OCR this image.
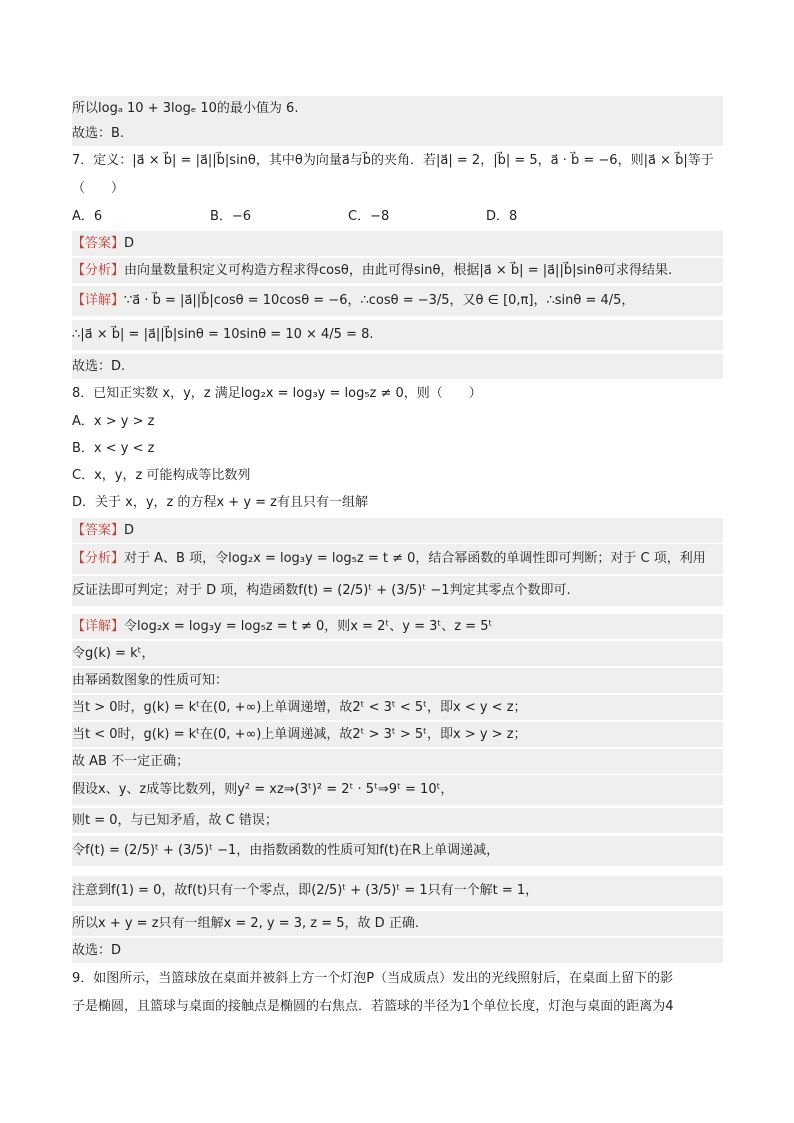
所以logₐ 10 + 3logₑ 10的最小值为 6.
故选：B.
7．定义：|a⃗ × b⃗| = |a⃗||b⃗|sinθ，其中θ为向量a⃗与b⃗的夹角．若|a⃗| = 2，|b⃗| = 5，a⃗ · b⃗ = −6，则|a⃗ × b⃗|等于
（　　）
A．6	B．−6	C．−8	D．8
【答案】D
【分析】由向量数量积定义可构造方程求得cosθ，由此可得sinθ，根据|a⃗ × b⃗| = |a⃗||b⃗|sinθ可求得结果.
【详解】∵a⃗ · b⃗ = |a⃗||b⃗|cosθ = 10cosθ = −6，∴cosθ = −3/5，又θ ∈ [0,π]，∴sinθ = 4/5，
∴|a⃗ × b⃗| = |a⃗||b⃗|sinθ = 10sinθ = 10 × 4/5 = 8.
故选：D.
8．已知正实数 x，y，z 满足log₂x = log₃y = log₅z ≠ 0，则（　　）
A．x > y > z
B．x < y < z
C．x，y，z 可能构成等比数列
D．关于 x，y，z 的方程x + y = z有且只有一组解
【答案】D
【分析】对于 A、B 项，令log₂x = log₃y = log₅z = t ≠ 0，结合幂函数的单调性即可判断；对于 C 项，利用
反证法即可判定；对于 D 项，构造函数f(t) = (2/5)ᵗ + (3/5)ᵗ −1判定其零点个数即可.
【详解】令log₂x = log₃y = log₅z = t ≠ 0，则x = 2ᵗ、y = 3ᵗ、z = 5ᵗ
令g(k) = kᵗ，
由幂函数图象的性质可知：
当t > 0时，g(k) = kᵗ在(0, +∞)上单调递增，故2ᵗ < 3ᵗ < 5ᵗ，即x < y < z；
当t < 0时，g(k) = kᵗ在(0, +∞)上单调递减，故2ᵗ > 3ᵗ > 5ᵗ，即x > y > z；
故 AB 不一定正确；
假设x、y、z成等比数列，则y² = xz⇒(3ᵗ)² = 2ᵗ · 5ᵗ⇒9ᵗ = 10ᵗ，
则t = 0，与已知矛盾，故 C 错误；
令f(t) = (2/5)ᵗ + (3/5)ᵗ −1，由指数函数的性质可知f(t)在R上单调递减，
注意到f(1) = 0，故f(t)只有一个零点，即(2/5)ᵗ + (3/5)ᵗ = 1只有一个解t = 1，
所以x + y = z只有一组解x = 2, y = 3, z = 5，故 D 正确.
故选：D
9．如图所示，当篮球放在桌面并被斜上方一个灯泡P（当成质点）发出的光线照射后，在桌面上留下的影
子是椭圆，且篮球与桌面的接触点是椭圆的右焦点．若篮球的半径为1个单位长度，灯泡与桌面的距离为4
